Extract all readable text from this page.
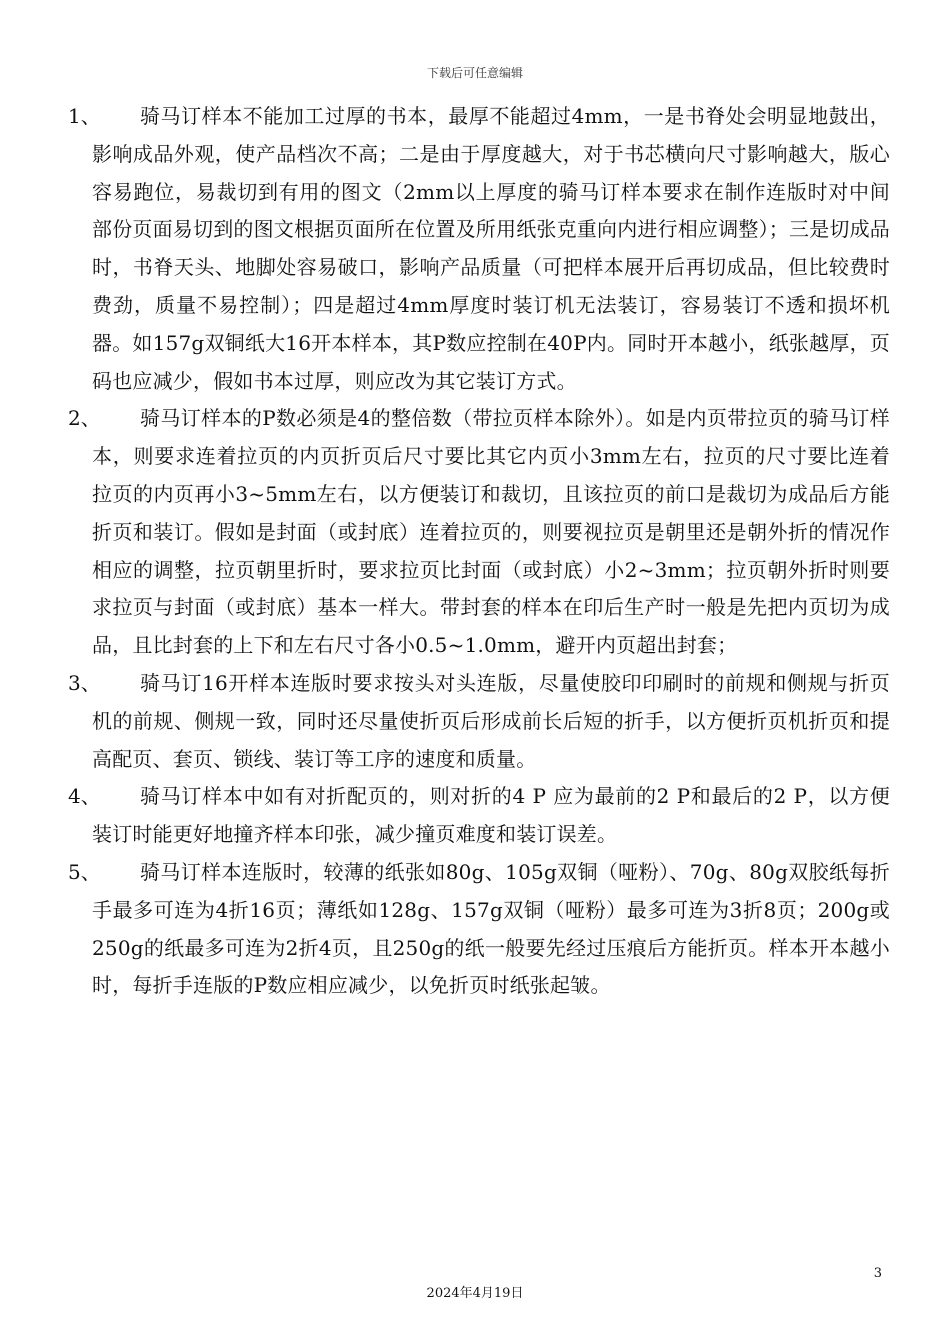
下载后可任意编辑
1、	骑马订样本不能加工过厚的书本，最厚不能超过4mm，一是书脊处会明显地鼓出，影响成品外观，使产品档次不高；二是由于厚度越大，对于书芯横向尺寸影响越大，版心容易跑位，易裁切到有用的图文（2mm以上厚度的骑马订样本要求在制作连版时对中间部份页面易切到的图文根据页面所在位置及所用纸张克重向内进行相应调整）；三是切成品时，书脊天头、地脚处容易破口，影响产品质量（可把样本展开后再切成品，但比较费时费劲，质量不易控制）；四是超过4mm厚度时装订机无法装订，容易装订不透和损坏机器。如157g双铜纸大16开本样本，其P数应控制在40P内。同时开本越小，纸张越厚，页码也应减少，假如书本过厚，则应改为其它装订方式。

2、	骑马订样本的P数必须是4的整倍数（带拉页样本除外）。如是内页带拉页的骑马订样本，则要求连着拉页的内页折页后尺寸要比其它内页小3mm左右，拉页的尺寸要比连着拉页的内页再小3~5mm左右，以方便装订和裁切，且该拉页的前口是裁切为成品后方能折页和装订。假如是封面（或封底）连着拉页的，则要视拉页是朝里还是朝外折的情况作相应的调整，拉页朝里折时，要求拉页比封面（或封底）小2~3mm；拉页朝外折时则要求拉页与封面（或封底）基本一样大。带封套的样本在印后生产时一般是先把内页切为成品，且比封套的上下和左右尺寸各小0.5~1.0mm，避开内页超出封套；

3、	骑马订16开样本连版时要求按头对头连版，尽量使胶印印刷时的前规和侧规与折页机的前规、侧规一致，同时还尽量使折页后形成前长后短的折手，以方便折页机折页和提高配页、套页、锁线、装订等工序的速度和质量。

4、	骑马订样本中如有对折配页的，则对折的4 P 应为最前的2 P和最后的2 P，以方便装订时能更好地撞齐样本印张，减少撞页难度和装订误差。

5、	骑马订样本连版时，较薄的纸张如80g、105g双铜（哑粉）、70g、80g双胶纸每折手最多可连为4折16页；薄纸如128g、157g双铜（哑粉）最多可连为3折8页；200g或250g的纸最多可连为2折4页，且250g的纸一般要先经过压痕后方能折页。样本开本越小时，每折手连版的P数应相应减少，以免折页时纸张起皱。

3
2024年4月19日
